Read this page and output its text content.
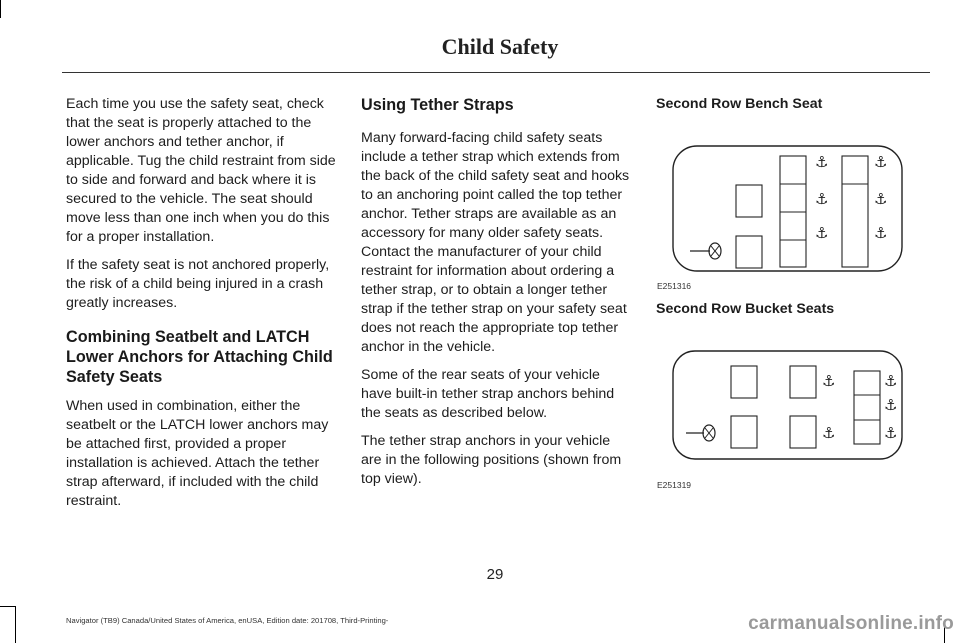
Child Safety

Each time you use the safety seat, check that the seat is properly attached to the lower anchors and tether anchor, if applicable. Tug the child restraint from side to side and forward and back where it is secured to the vehicle. The seat should move less than one inch when you do this for a proper installation.

If the safety seat is not anchored properly, the risk of a child being injured in a crash greatly increases.

Combining Seatbelt and LATCH Lower Anchors for Attaching Child Safety Seats

When used in combination, either the seatbelt or the LATCH lower anchors may be attached first, provided a proper installation is achieved. Attach the tether strap afterward, if included with the child restraint.

Using Tether Straps

Many forward-facing child safety seats include a tether strap which extends from the back of the child safety seat and hooks to an anchoring point called the top tether anchor. Tether straps are available as an accessory for many older safety seats. Contact the manufacturer of your child restraint for information about ordering a tether strap, or to obtain a longer tether strap if the tether strap on your safety seat does not reach the appropriate top tether anchor in the vehicle.

Some of the rear seats of your vehicle have built-in tether strap anchors behind the seats as described below.

The tether strap anchors in your vehicle are in the following positions (shown from top view).

Second Row Bench Seat
⚓
⚓
⚓
⚓
⚓
⚓
E251316
Second Row Bucket Seats
⚓
⚓
⚓
⚓
⚓
E251319
29
Navigator (TB9) Canada/United States of America, enUSA, Edition date: 201708, Third-Printing-	carmanualsonline.info
